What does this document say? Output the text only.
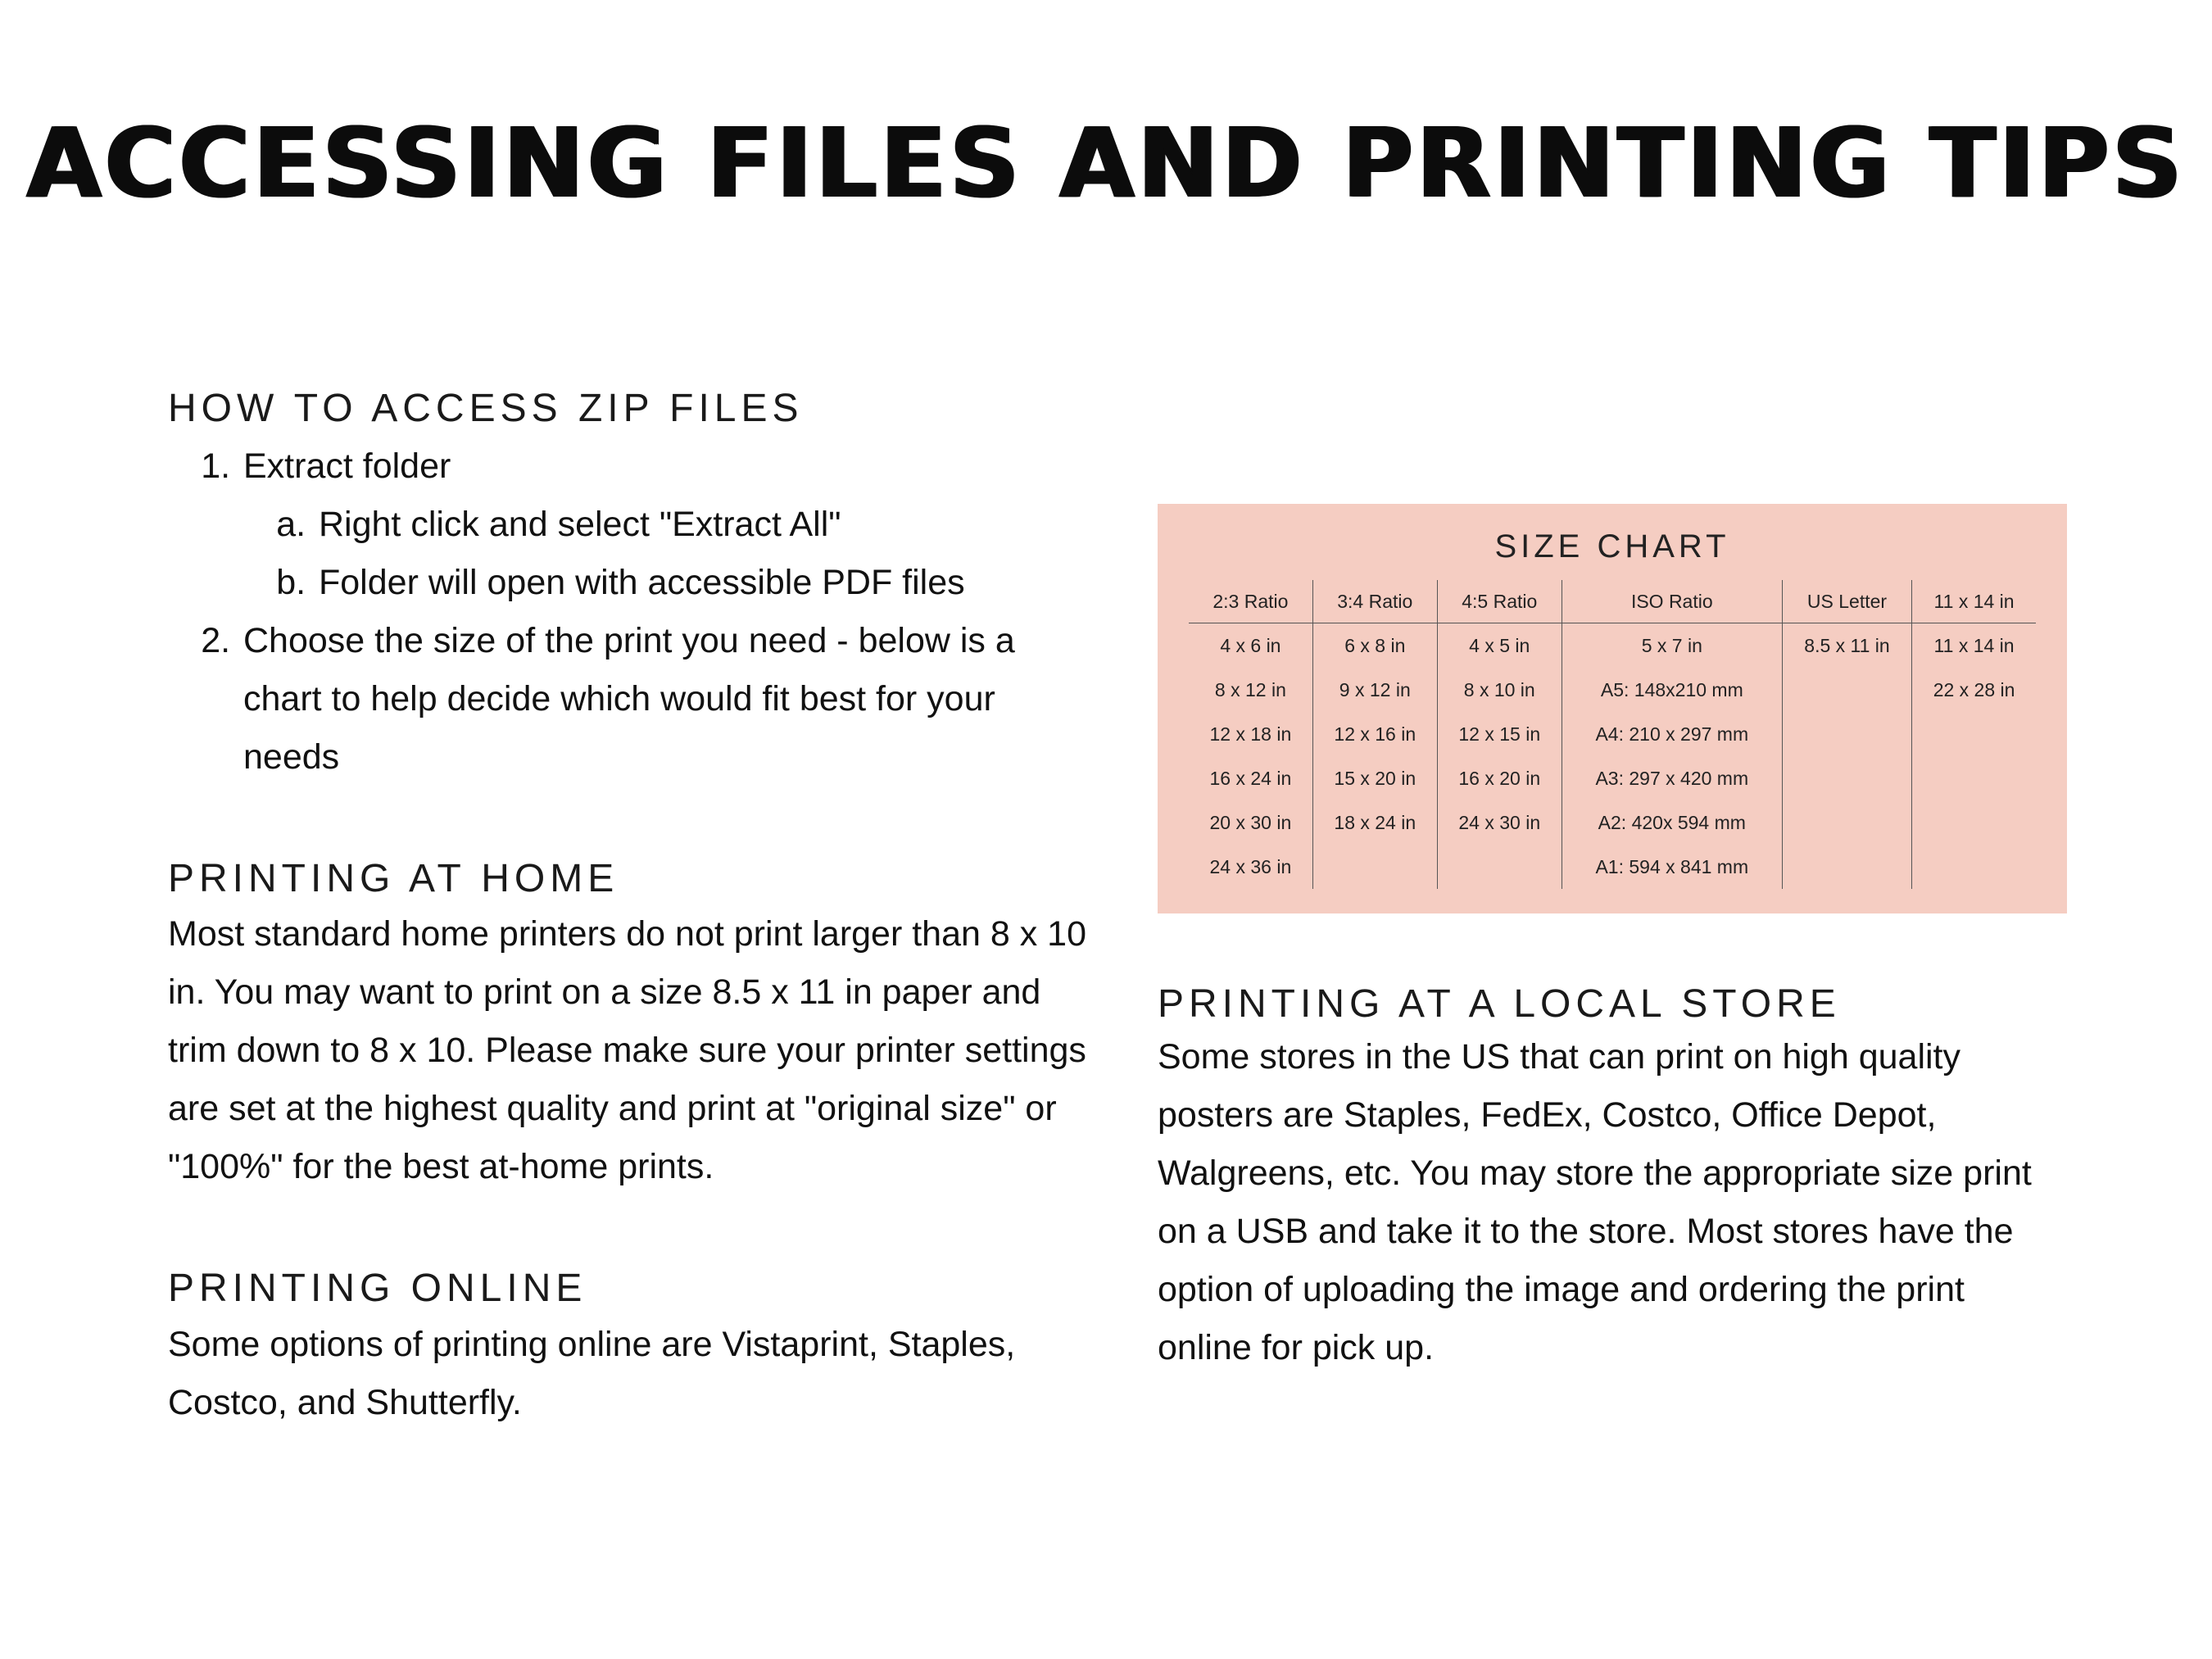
ACCESSING FILES AND PRINTING TIPS
HOW TO ACCESS ZIP FILES
1. Extract folder
a. Right click and select "Extract All"
b. Folder will open with accessible PDF files
2. Choose the size of the print you need - below is a chart to help decide which would fit best for your needs
PRINTING AT HOME

Most standard home printers do not print larger than 8 x 10 in. You may want to print on a size 8.5 x 11 in paper and trim down to 8 x 10. Please make sure your printer settings are set at the highest quality and print at "original size" or "100%" for the best at-home prints.

PRINTING ONLINE

Some options of printing online are Vistaprint, Staples, Costco, and Shutterfly.

SIZE CHART
2:3 Ratio	3:4 Ratio	4:5 Ratio	ISO Ratio	US Letter	11 x 14 in
4 x 6 in	6 x 8 in	4 x 5 in	5 x 7 in	8.5 x 11 in	11 x 14 in
8 x 12 in	9 x 12 in	8 x 10 in	A5: 148x210 mm		22 x 28 in
12 x 18 in	12 x 16 in	12 x 15 in	A4: 210 x 297 mm		
16 x 24 in	15 x 20 in	16 x 20 in	A3: 297 x 420 mm		
20 x 30 in	18 x 24 in	24 x 30 in	A2: 420x 594 mm		
24 x 36 in			A1: 594 x 841 mm		
PRINTING AT A LOCAL STORE

Some stores in the US that can print on high quality posters are Staples, FedEx, Costco, Office Depot, Walgreens, etc. You may store the appropriate size print on a USB and take it to the store. Most stores have the option of uploading the image and ordering the print online for pick up.
